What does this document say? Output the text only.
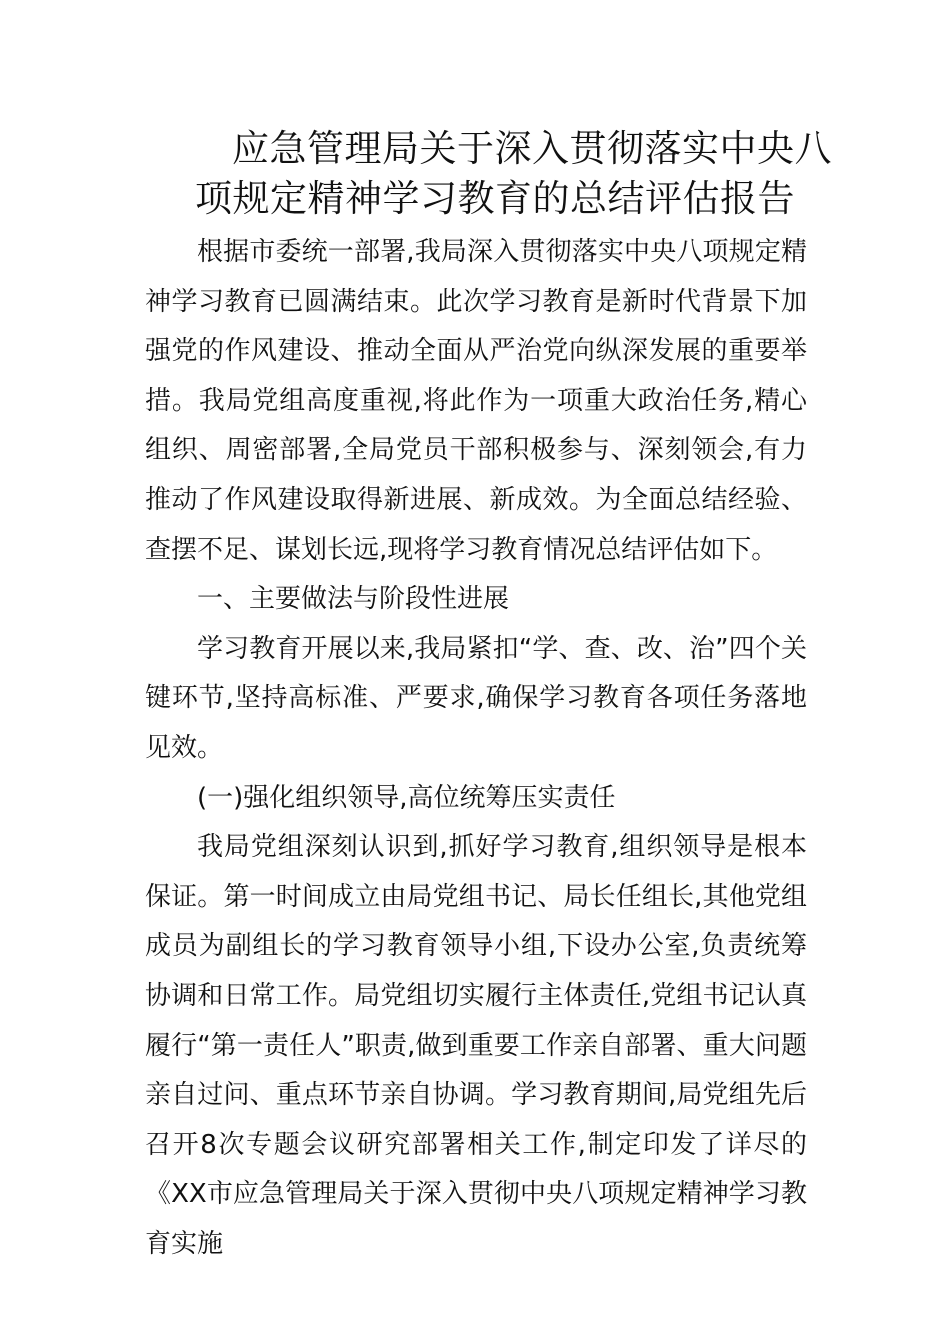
应急管理局关于深入贯彻落实中央八
项规定精神学习教育的总结评估报告

根据市委统一部署,我局深入贯彻落实中央八项规定精神学习教育已圆满结束。此次学习教育是新时代背景下加强党的作风建设、推动全面从严治党向纵深发展的重要举措。我局党组高度重视,将此作为一项重大政治任务,精心组织、周密部署,全局党员干部积极参与、深刻领会,有力推动了作风建设取得新进展、新成效。为全面总结经验、查摆不足、谋划长远,现将学习教育情况总结评估如下。

一、主要做法与阶段性进展

学习教育开展以来,我局紧扣“学、查、改、治”四个关键环节,坚持高标准、严要求,确保学习教育各项任务落地见效。

(一)强化组织领导,高位统筹压实责任

我局党组深刻认识到,抓好学习教育,组织领导是根本保证。第一时间成立由局党组书记、局长任组长,其他党组成员为副组长的学习教育领导小组,下设办公室,负责统筹协调和日常工作。局党组切实履行主体责任,党组书记认真履行“第一责任人”职责,做到重要工作亲自部署、重大问题亲自过问、重点环节亲自协调。学习教育期间,局党组先后召开8次专题会议研究部署相关工作,制定印发了详尽的《XX市应急管理局关于深入贯彻中央八项规定精神学习教育实施
